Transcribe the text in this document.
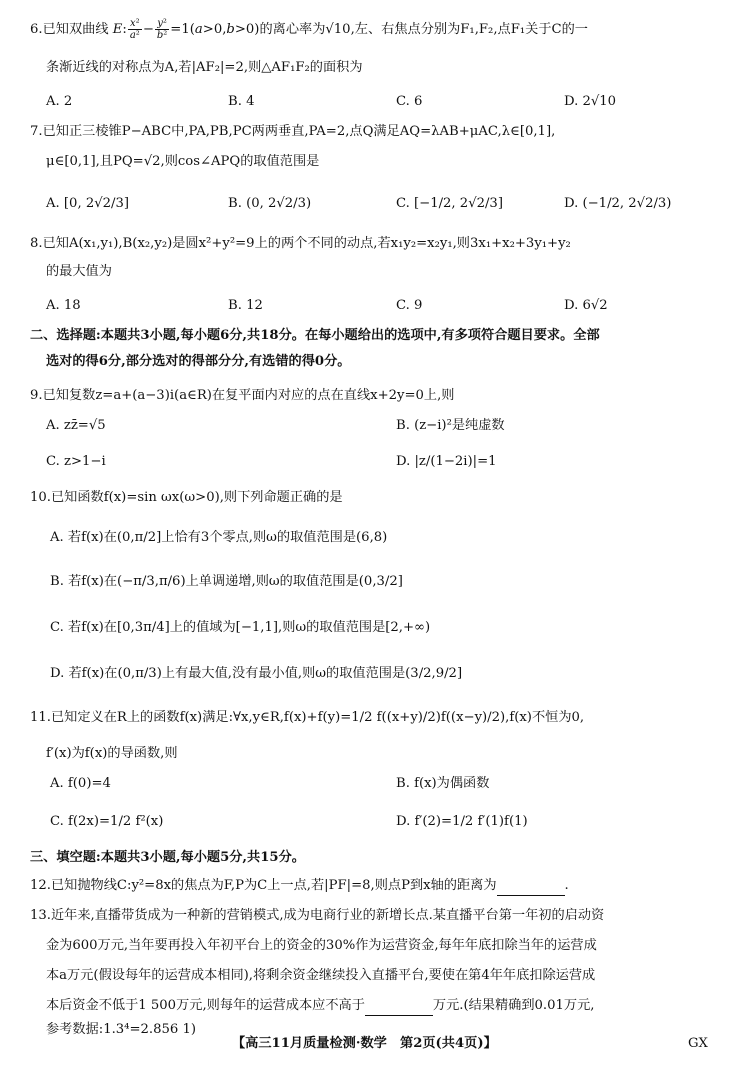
6.已知双曲线 E: $\frac{\text{x²}}{\text{a²}} - \frac{\text{y²}}{\text{b²}} =1(a>0,b>0)$的离心率为√10,左、右焦点分别为F₁,F₂,点F₁关于C的一
条渐近线的对称点为A,若|AF₂|=2,则△AF₁F₂的面积为
A. 2	B. 4	C. 6	D. 2√10
7.已知正三棱锥P−ABC中,PA,PB,PC两两垂直,PA=2,点Q满足AQ=λAB+μAC,λ∈[0,1],
μ∈[0,1],且PQ=√2,则cos∠APQ的取值范围是
A. [0, 2√2/3]	B. (0, 2√2/3)	C. [−1/2, 2√2/3]	D. (−1/2, 2√2/3)
8.已知A(x₁,y₁),B(x₂,y₂)是圆x²+y²=9上的两个不同的动点,若x₁y₂=x₂y₁,则3x₁+x₂+3y₁+y₂
的最大值为
A. 18	B. 12	C. 9	D. 6√2
二、选择题:本题共3小题,每小题6分,共18分。在每小题给出的选项中,有多项符合题目要求。全部
选对的得6分,部分选对的得部分分,有选错的得0分。
9.已知复数z=a+(a−3)i(a∈R)在复平面内对应的点在直线x+2y=0上,则
A. zz̄=√5	B. (z−i)²是纯虚数
C. z>1−i	D. |z/(1−2i)|=1
10.已知函数f(x)=sin ωx(ω>0),则下列命题正确的是
A. 若f(x)在(0,π/2]上恰有3个零点,则ω的取值范围是(6,8)
B. 若f(x)在(−π/3,π/6)上单调递增,则ω的取值范围是(0,3/2]
C. 若f(x)在[0,3π/4]上的值域为[−1,1],则ω的取值范围是[2,+∞)
D. 若f(x)在(0,π/3)上有最大值,没有最小值,则ω的取值范围是(3/2,9/2]
11.已知定义在R上的函数f(x)满足:∀x,y∈R,f(x)+f(y)=1/2 f((x+y)/2)f((x−y)/2),f(x)不恒为0,
f′(x)为f(x)的导函数,则
A. f(0)=4	B. f(x)为偶函数
C. f(2x)=1/2 f²(x)	D. f′(2)=1/2 f′(1)f(1)
三、填空题:本题共3小题,每小题5分,共15分。
12.已知抛物线C:y²=8x的焦点为F,P为C上一点,若|PF|=8,则点P到x轴的距离为	.
13.近年来,直播带货成为一种新的营销模式,成为电商行业的新增长点.某直播平台第一年初的启动资
金为600万元,当年要再投入年初平台上的资金的30%作为运营资金,每年年底扣除当年的运营成
本a万元(假设每年的运营成本相同),将剩余资金继续投入直播平台,要使在第4年年底扣除运营成
本后资金不低于1 500万元,则每年的运营成本应不高于	万元.(结果精确到0.01万元,
参考数据:1.3⁴=2.856 1)
【高三11月质量检测·数学　第2页(共4页)】	GX
